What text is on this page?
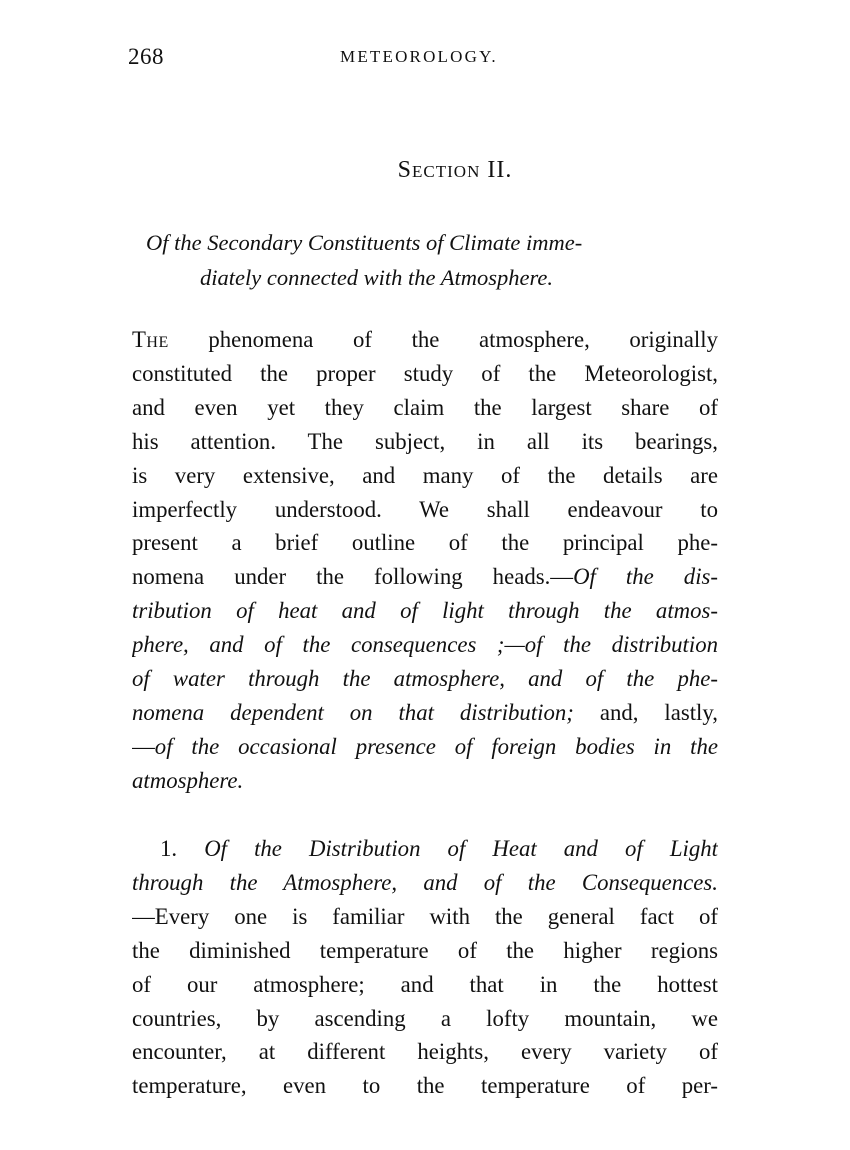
268	METEOROLOGY.
Section II.
Of the Secondary Constituents of Climate imme-
diately connected with the Atmosphere.
The phenomena of the atmosphere, originally
constituted the proper study of the Meteorologist,
and even yet they claim the largest share of
his attention. The subject, in all its bearings,
is very extensive, and many of the details are
imperfectly understood. We shall endeavour to
present a brief outline of the principal phe-
nomena under the following heads.—Of the dis-
tribution of heat and of light through the atmos-
phere, and of the consequences ;—of the distribution
of water through the atmosphere, and of the phe-
nomena dependent on that distribution; and, lastly,
—of the occasional presence of foreign bodies in the
atmosphere.
1. Of the Distribution of Heat and of Light
through the Atmosphere, and of the Consequences.
—Every one is familiar with the general fact of
the diminished temperature of the higher regions
of our atmosphere; and that in the hottest
countries, by ascending a lofty mountain, we
encounter, at different heights, every variety of
temperature, even to the temperature of per-
